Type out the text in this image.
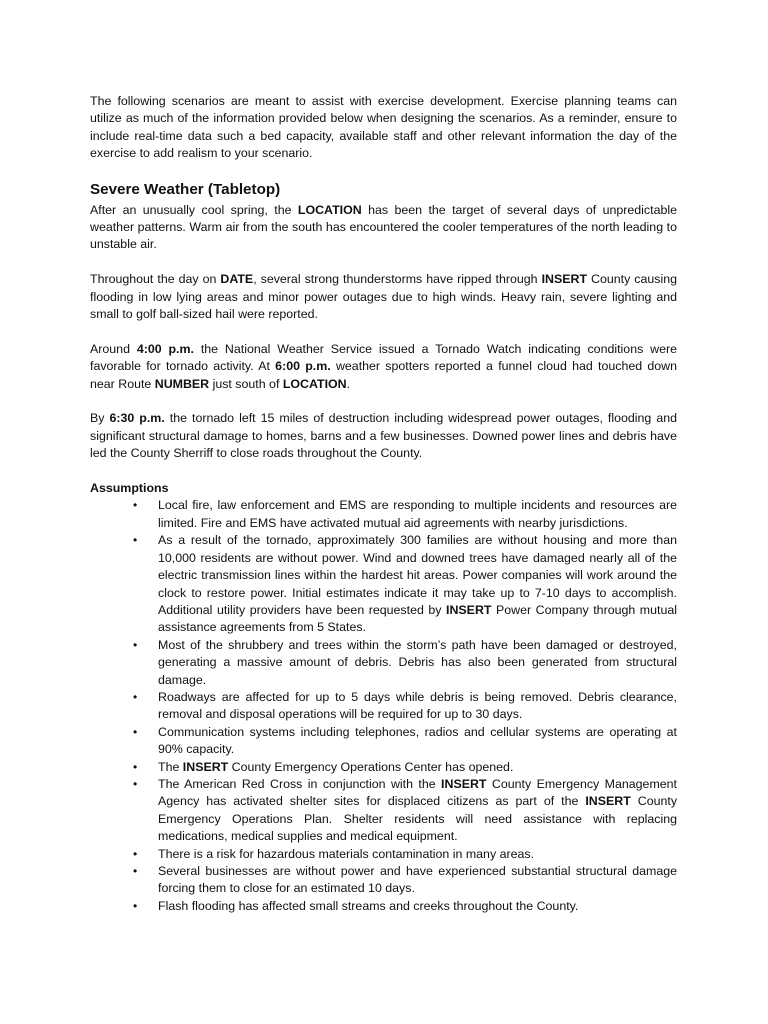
The following scenarios are meant to assist with exercise development. Exercise planning teams can utilize as much of the information provided below when designing the scenarios. As a reminder, ensure to include real-time data such a bed capacity, available staff and other relevant information the day of the exercise to add realism to your scenario.

Severe Weather (Tabletop)

After an unusually cool spring, the LOCATION has been the target of several days of unpredictable weather patterns. Warm air from the south has encountered the cooler temperatures of the north leading to unstable air.

Throughout the day on DATE, several strong thunderstorms have ripped through INSERT County causing flooding in low lying areas and minor power outages due to high winds. Heavy rain, severe lighting and small to golf ball-sized hail were reported.

Around 4:00 p.m. the National Weather Service issued a Tornado Watch indicating conditions were favorable for tornado activity. At 6:00 p.m. weather spotters reported a funnel cloud had touched down near Route NUMBER just south of LOCATION.

By 6:30 p.m. the tornado left 15 miles of destruction including widespread power outages, flooding and significant structural damage to homes, barns and a few businesses. Downed power lines and debris have led the County Sherriff to close roads throughout the County.

Assumptions
• Local fire, law enforcement and EMS are responding to multiple incidents and resources are limited. Fire and EMS have activated mutual aid agreements with nearby jurisdictions.
• As a result of the tornado, approximately 300 families are without housing and more than 10,000 residents are without power. Wind and downed trees have damaged nearly all of the electric transmission lines within the hardest hit areas. Power companies will work around the clock to restore power. Initial estimates indicate it may take up to 7-10 days to accomplish. Additional utility providers have been requested by INSERT Power Company through mutual assistance agreements from 5 States.
• Most of the shrubbery and trees within the storm’s path have been damaged or destroyed, generating a massive amount of debris. Debris has also been generated from structural damage.
• Roadways are affected for up to 5 days while debris is being removed. Debris clearance, removal and disposal operations will be required for up to 30 days.
• Communication systems including telephones, radios and cellular systems are operating at 90% capacity.
• The INSERT County Emergency Operations Center has opened.
• The American Red Cross in conjunction with the INSERT County Emergency Management Agency has activated shelter sites for displaced citizens as part of the INSERT County Emergency Operations Plan. Shelter residents will need assistance with replacing medications, medical supplies and medical equipment.
• There is a risk for hazardous materials contamination in many areas.
• Several businesses are without power and have experienced substantial structural damage forcing them to close for an estimated 10 days.
• Flash flooding has affected small streams and creeks throughout the County.
